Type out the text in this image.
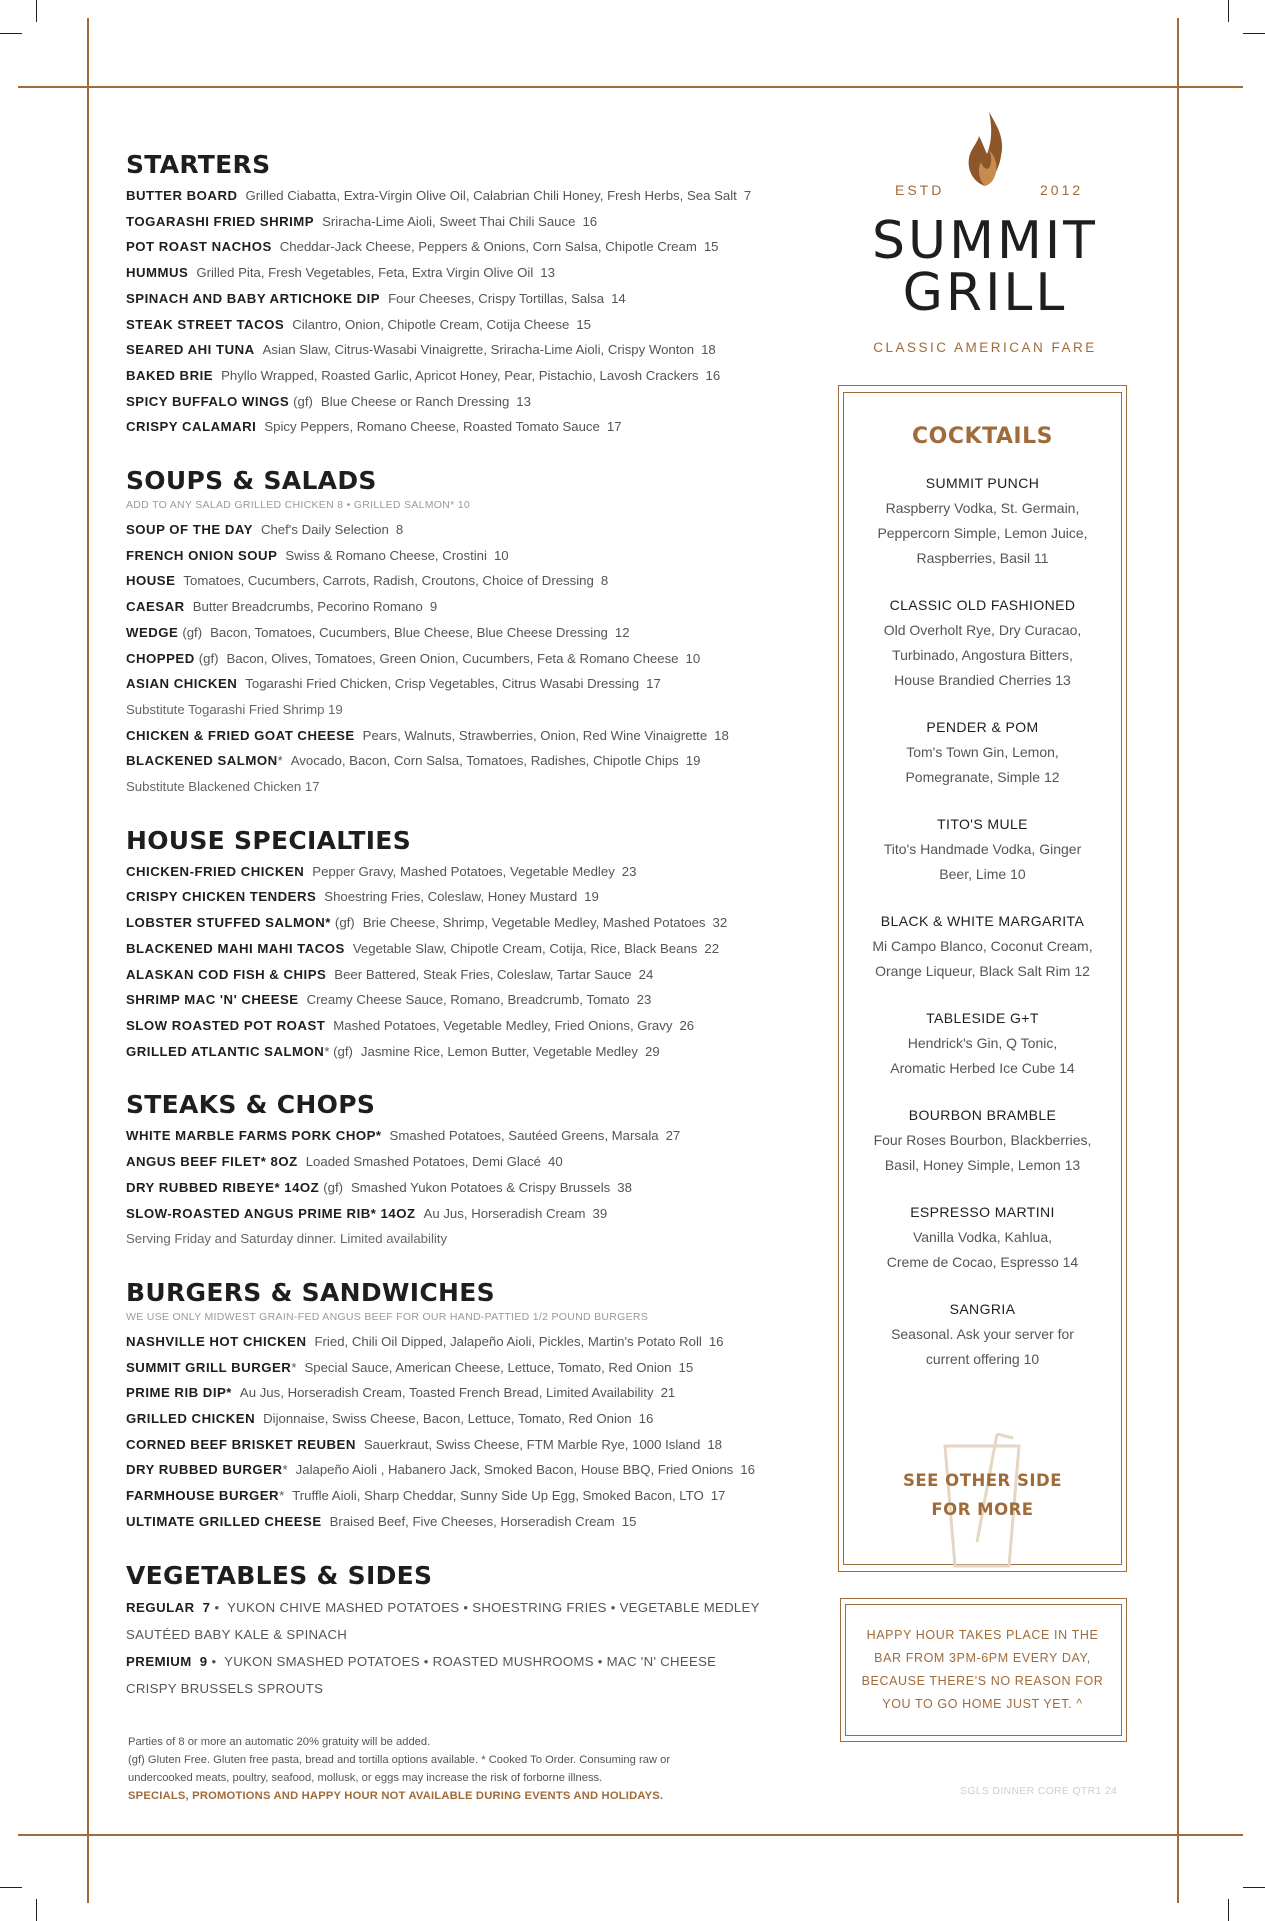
STARTERS
BUTTER BOARD Grilled Ciabatta, Extra-Virgin Olive Oil, Calabrian Chili Honey, Fresh Herbs, Sea Salt 7
TOGARASHI FRIED SHRIMP Sriracha-Lime Aioli, Sweet Thai Chili Sauce 16
POT ROAST NACHOS Cheddar-Jack Cheese, Peppers & Onions, Corn Salsa, Chipotle Cream 15
HUMMUS Grilled Pita, Fresh Vegetables, Feta, Extra Virgin Olive Oil 13
SPINACH AND BABY ARTICHOKE DIP Four Cheeses, Crispy Tortillas, Salsa 14
STEAK STREET TACOS Cilantro, Onion, Chipotle Cream, Cotija Cheese 15
SEARED AHI TUNA Asian Slaw, Citrus-Wasabi Vinaigrette, Sriracha-Lime Aioli, Crispy Wonton 18
BAKED BRIE Phyllo Wrapped, Roasted Garlic, Apricot Honey, Pear, Pistachio, Lavosh Crackers 16
SPICY BUFFALO WINGS (gf) Blue Cheese or Ranch Dressing 13
CRISPY CALAMARI Spicy Peppers, Romano Cheese, Roasted Tomato Sauce 17
SOUPS & SALADS
ADD TO ANY SALAD GRILLED CHICKEN 8 • GRILLED SALMON* 10
SOUP OF THE DAY Chef's Daily Selection 8
FRENCH ONION SOUP Swiss & Romano Cheese, Crostini 10
HOUSE Tomatoes, Cucumbers, Carrots, Radish, Croutons, Choice of Dressing 8
CAESAR Butter Breadcrumbs, Pecorino Romano 9
WEDGE (gf) Bacon, Tomatoes, Cucumbers, Blue Cheese, Blue Cheese Dressing 12
CHOPPED (gf) Bacon, Olives, Tomatoes, Green Onion, Cucumbers, Feta & Romano Cheese 10
ASIAN CHICKEN Togarashi Fried Chicken, Crisp Vegetables, Citrus Wasabi Dressing 17
Substitute Togarashi Fried Shrimp 19
CHICKEN & FRIED GOAT CHEESE Pears, Walnuts, Strawberries, Onion, Red Wine Vinaigrette 18
BLACKENED SALMON* Avocado, Bacon, Corn Salsa, Tomatoes, Radishes, Chipotle Chips 19
Substitute Blackened Chicken 17
HOUSE SPECIALTIES
CHICKEN-FRIED CHICKEN Pepper Gravy, Mashed Potatoes, Vegetable Medley 23
CRISPY CHICKEN TENDERS Shoestring Fries, Coleslaw, Honey Mustard 19
LOBSTER STUFFED SALMON* (gf) Brie Cheese, Shrimp, Vegetable Medley, Mashed Potatoes 32
BLACKENED MAHI MAHI TACOS Vegetable Slaw, Chipotle Cream, Cotija, Rice, Black Beans 22
ALASKAN COD FISH & CHIPS Beer Battered, Steak Fries, Coleslaw, Tartar Sauce 24
SHRIMP MAC 'N' CHEESE Creamy Cheese Sauce, Romano, Breadcrumb, Tomato 23
SLOW ROASTED POT ROAST Mashed Potatoes, Vegetable Medley, Fried Onions, Gravy 26
GRILLED ATLANTIC SALMON* (gf) Jasmine Rice, Lemon Butter, Vegetable Medley 29
STEAKS & CHOPS
WHITE MARBLE FARMS PORK CHOP* Smashed Potatoes, Sautéed Greens, Marsala 27
ANGUS BEEF FILET* 8OZ Loaded Smashed Potatoes, Demi Glacé 40
DRY RUBBED RIBEYE* 14OZ (gf) Smashed Yukon Potatoes & Crispy Brussels 38
SLOW-ROASTED ANGUS PRIME RIB* 14OZ Au Jus, Horseradish Cream 39
Serving Friday and Saturday dinner. Limited availability
BURGERS & SANDWICHES
WE USE ONLY MIDWEST GRAIN-FED ANGUS BEEF FOR OUR HAND-PATTIED 1/2 POUND BURGERS
NASHVILLE HOT CHICKEN Fried, Chili Oil Dipped, Jalapeño Aioli, Pickles, Martin's Potato Roll 16
SUMMIT GRILL BURGER* Special Sauce, American Cheese, Lettuce, Tomato, Red Onion 15
PRIME RIB DIP* Au Jus, Horseradish Cream, Toasted French Bread, Limited Availability 21
GRILLED CHICKEN Dijonnaise, Swiss Cheese, Bacon, Lettuce, Tomato, Red Onion 16
CORNED BEEF BRISKET REUBEN Sauerkraut, Swiss Cheese, FTM Marble Rye, 1000 Island 18
DRY RUBBED BURGER* Jalapeño Aioli , Habanero Jack, Smoked Bacon, House BBQ, Fried Onions 16
FARMHOUSE BURGER* Truffle Aioli, Sharp Cheddar, Sunny Side Up Egg, Smoked Bacon, LTO 17
ULTIMATE GRILLED CHEESE Braised Beef, Five Cheeses, Horseradish Cream 15
VEGETABLES & SIDES
REGULAR 7 •  YUKON CHIVE MASHED POTATOES • SHOESTRING FRIES • VEGETABLE MEDLEY
SAUTÉED BABY KALE & SPINACH
PREMIUM 9 •  YUKON SMASHED POTATOES • ROASTED MUSHROOMS • MAC 'N' CHEESE
CRISPY BRUSSELS SPROUTS
Parties of 8 or more an automatic 20% gratuity will be added.
(gf) Gluten Free. Gluten free pasta, bread and tortilla options available. * Cooked To Order. Consuming raw or
undercooked meats, poultry, seafood, mollusk, or eggs may increase the risk of forborne illness.
SPECIALS, PROMOTIONS AND HAPPY HOUR NOT AVAILABLE DURING EVENTS AND HOLIDAYS.
ESTD	2012
SUMMIT
GRILL
CLASSIC AMERICAN FARE
COCKTAILS
SUMMIT PUNCH
Raspberry Vodka, St. Germain,
Peppercorn Simple, Lemon Juice,
Raspberries, Basil 11
CLASSIC OLD FASHIONED
Old Overholt Rye, Dry Curacao,
Turbinado, Angostura Bitters,
House Brandied Cherries 13
PENDER & POM
Tom's Town Gin, Lemon,
Pomegranate, Simple 12
TITO'S MULE
Tito's Handmade Vodka, Ginger
Beer, Lime 10
BLACK & WHITE MARGARITA
Mi Campo Blanco, Coconut Cream,
Orange Liqueur, Black Salt Rim 12
TABLESIDE G+T
Hendrick's Gin, Q Tonic,
Aromatic Herbed Ice Cube 14
BOURBON BRAMBLE
Four Roses Bourbon, Blackberries,
Basil, Honey Simple, Lemon 13
ESPRESSO MARTINI
Vanilla Vodka, Kahlua,
Creme de Cocao, Espresso 14
SANGRIA
Seasonal. Ask your server for
current offering 10
SEE OTHER SIDE
FOR MORE
HAPPY HOUR TAKES PLACE IN THE
BAR FROM 3PM-6PM EVERY DAY,
BECAUSE THERE'S NO REASON FOR
YOU TO GO HOME JUST YET. ^
SGLS DINNER CORE QTR1 24
